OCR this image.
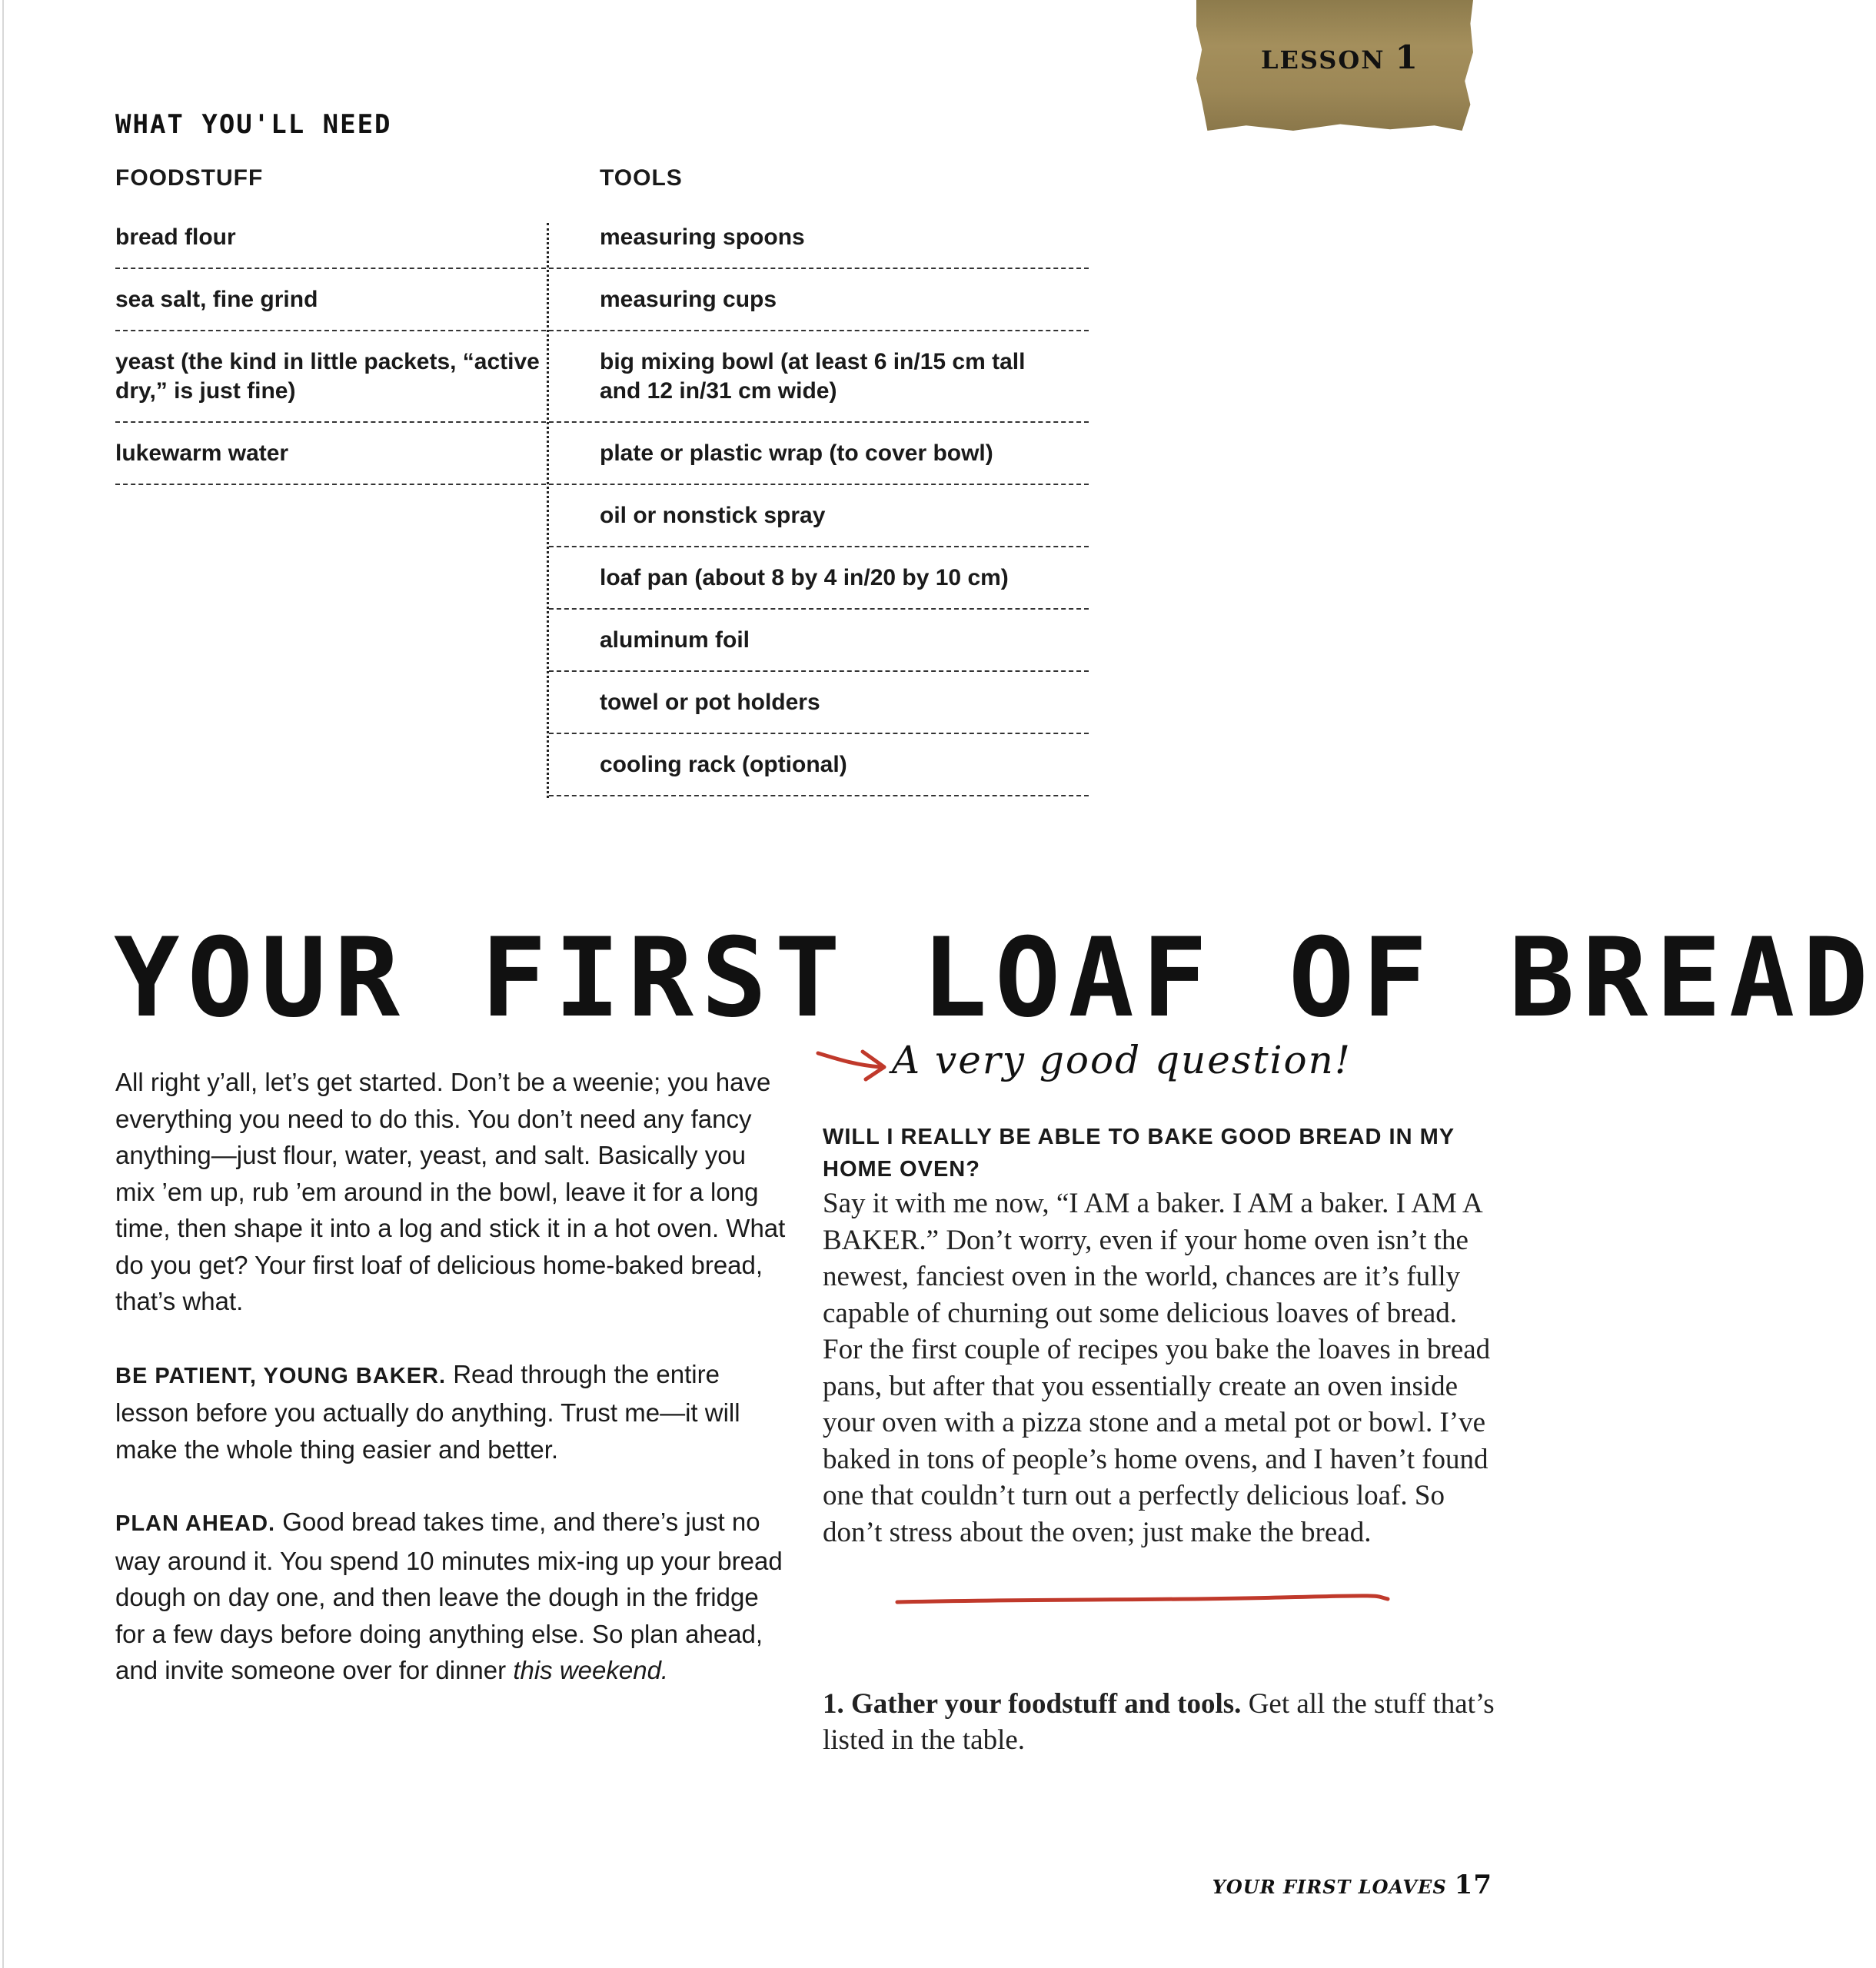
LESSON 1
WHAT YOU'LL NEED
FOODSTUFF	TOOLS
bread flour
sea salt, fine grind
yeast (the kind in little packets, “active dry,” is just fine)
lukewarm water
measuring spoons
measuring cups
big mixing bowl (at least 6 in/15 cm tall and 12 in/31 cm wide)
plate or plastic wrap (to cover bowl)
oil or nonstick spray
loaf pan (about 8 by 4 in/20 by 10 cm)
aluminum foil
towel or pot holders
cooling rack (optional)
YOUR FIRST LOAF OF BREAD

All right y’all, let’s get started. Don’t be a weenie; you have everything you need to do this. You don’t need any fancy anything—just flour, water, yeast, and salt. Basically you mix ’em up, rub ’em around in the bowl, leave it for a long time, then shape it into a log and stick it in a hot oven. What do you get? Your first loaf of delicious home-baked bread, that’s what.

BE PATIENT, YOUNG BAKER. Read through the entire lesson before you actually do anything. Trust me—it will make the whole thing easier and better.

PLAN AHEAD. Good bread takes time, and there’s just no way around it. You spend 10 minutes mix-ing up your bread dough on day one, and then leave the dough in the fridge for a few days before doing anything else. So plan ahead, and invite someone over for dinner this weekend.

A very good question!
WILL I REALLY BE ABLE TO BAKE GOOD BREAD IN MY HOME OVEN?
Say it with me now, “I AM a baker. I AM a baker. I AM A BAKER.” Don’t worry, even if your home oven isn’t the newest, fanciest oven in the world, chances are it’s fully capable of churning out some delicious loaves of bread. For the first couple of recipes you bake the loaves in bread pans, but after that you essentially create an oven inside your oven with a pizza stone and a metal pot or bowl. I’ve baked in tons of people’s home ovens, and I haven’t found one that couldn’t turn out a perfectly delicious loaf. So don’t stress about the oven; just make the bread.
1. Gather your foodstuff and tools. Get all the stuff that’s listed in the table.
YOUR FIRST LOAVES 17
